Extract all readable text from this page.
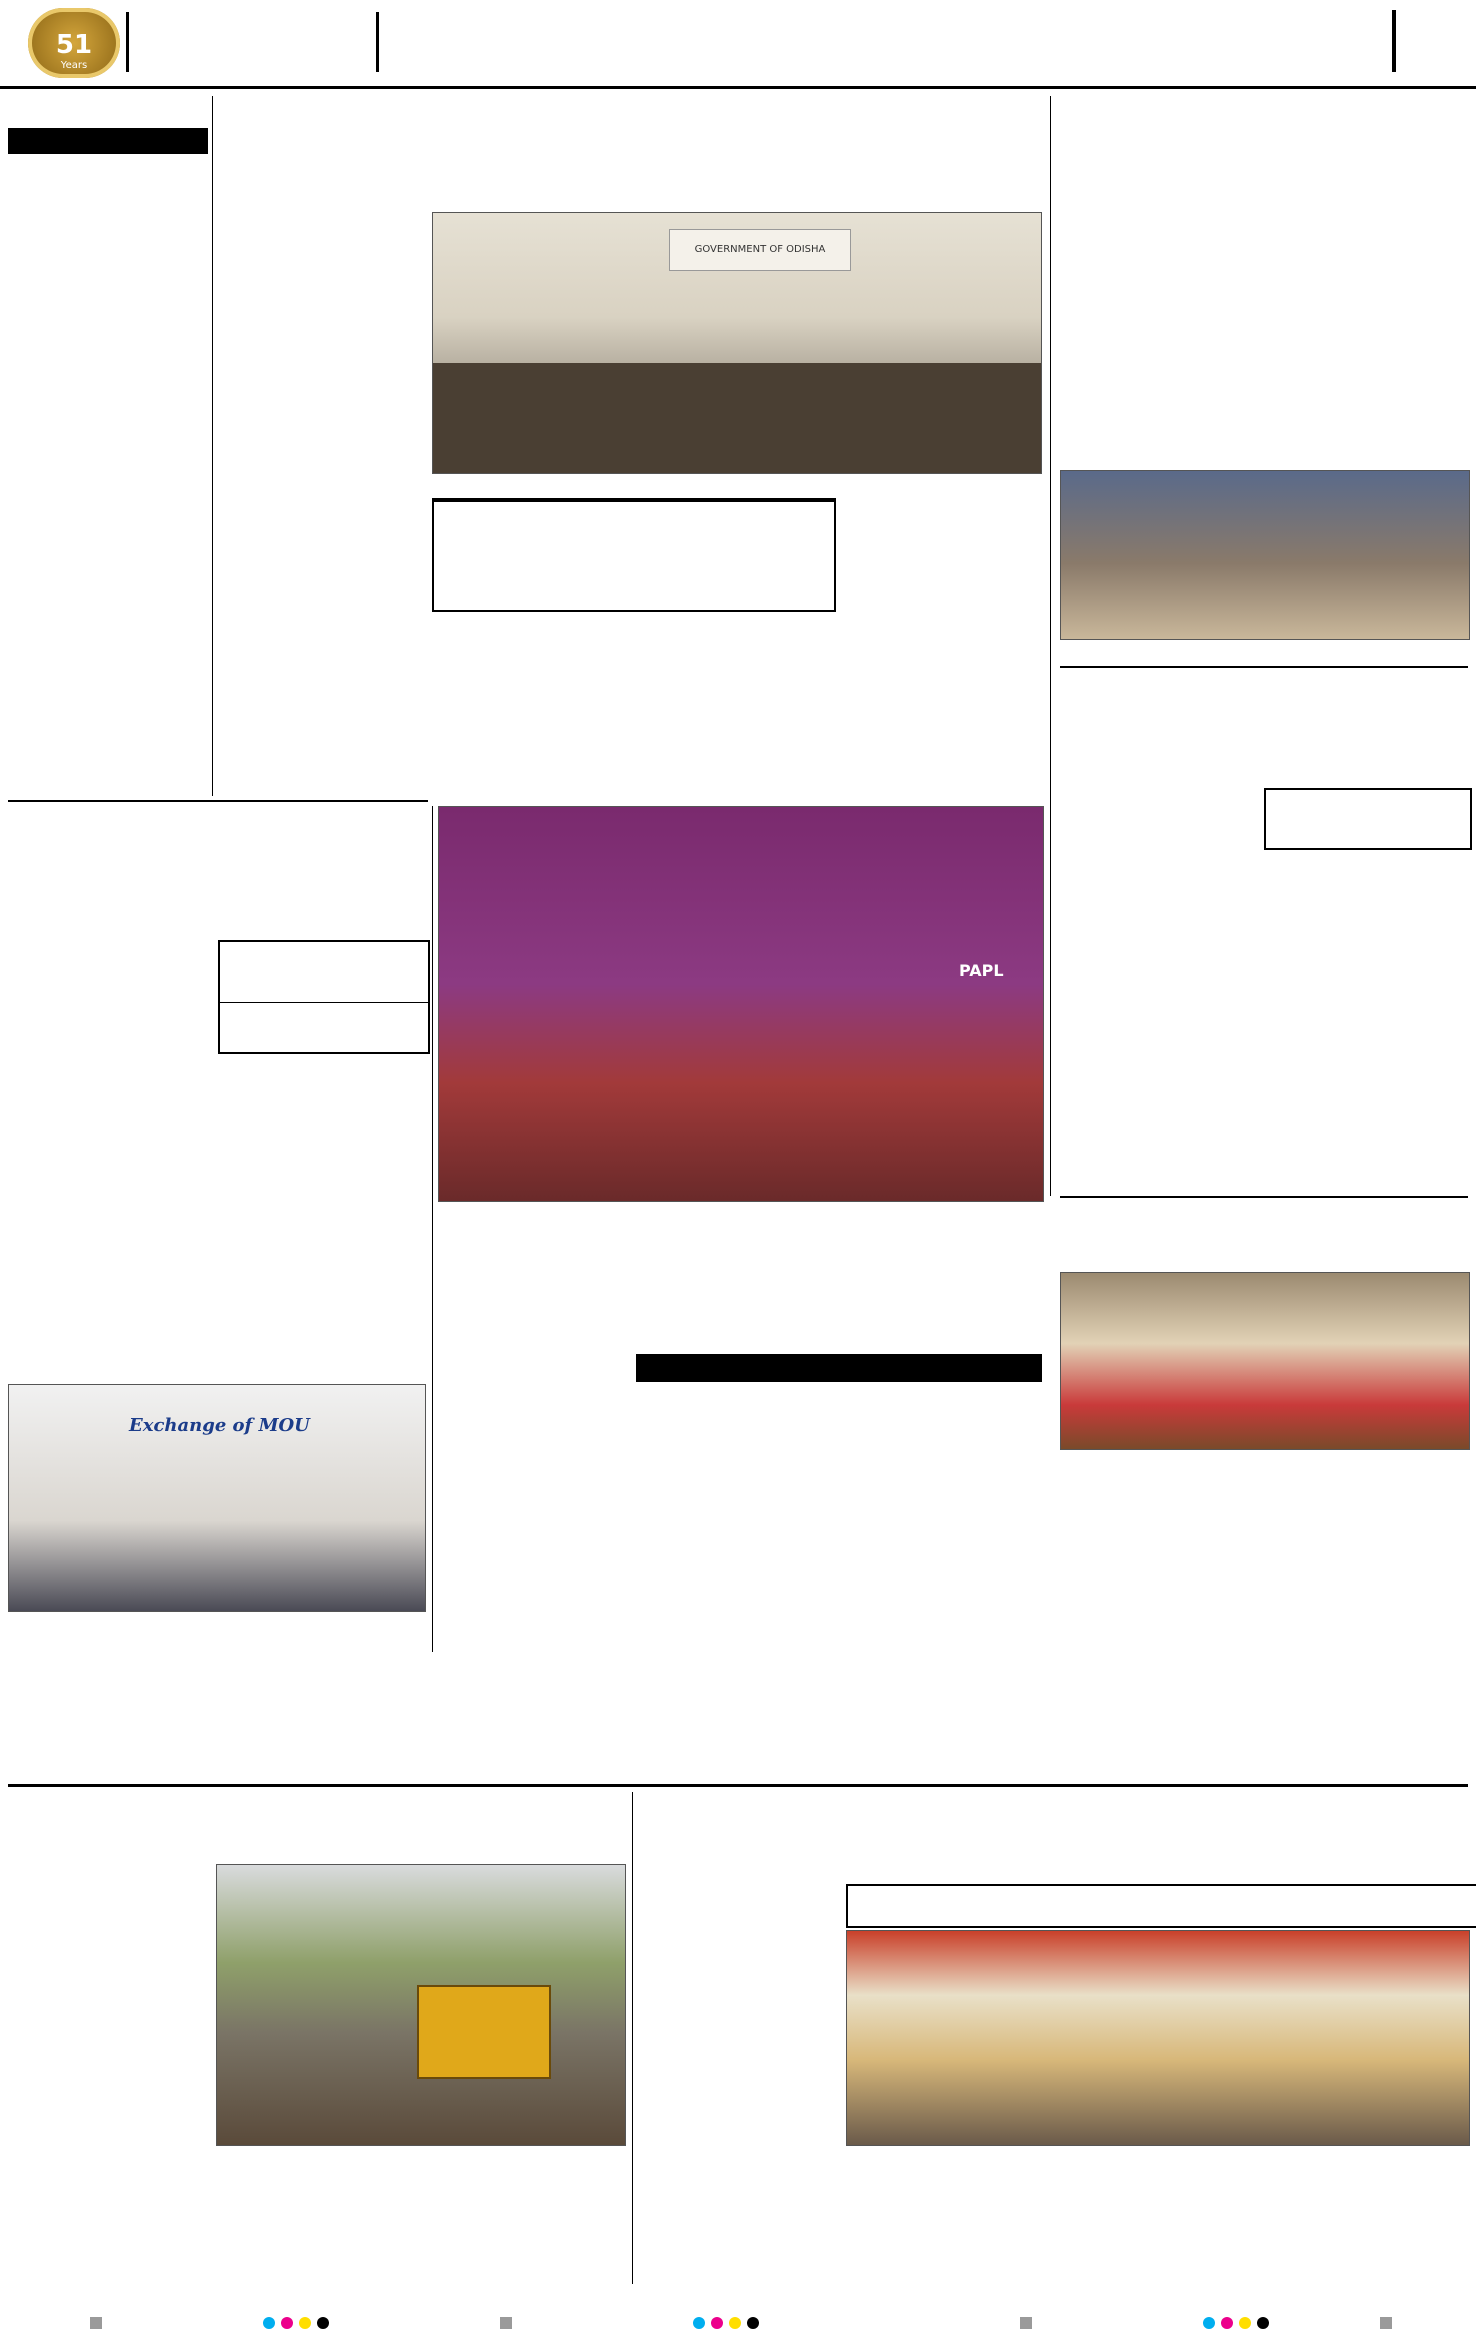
51
Years
GOVERNMENT OF ODISHA
Exchange of MOU
PAPL
